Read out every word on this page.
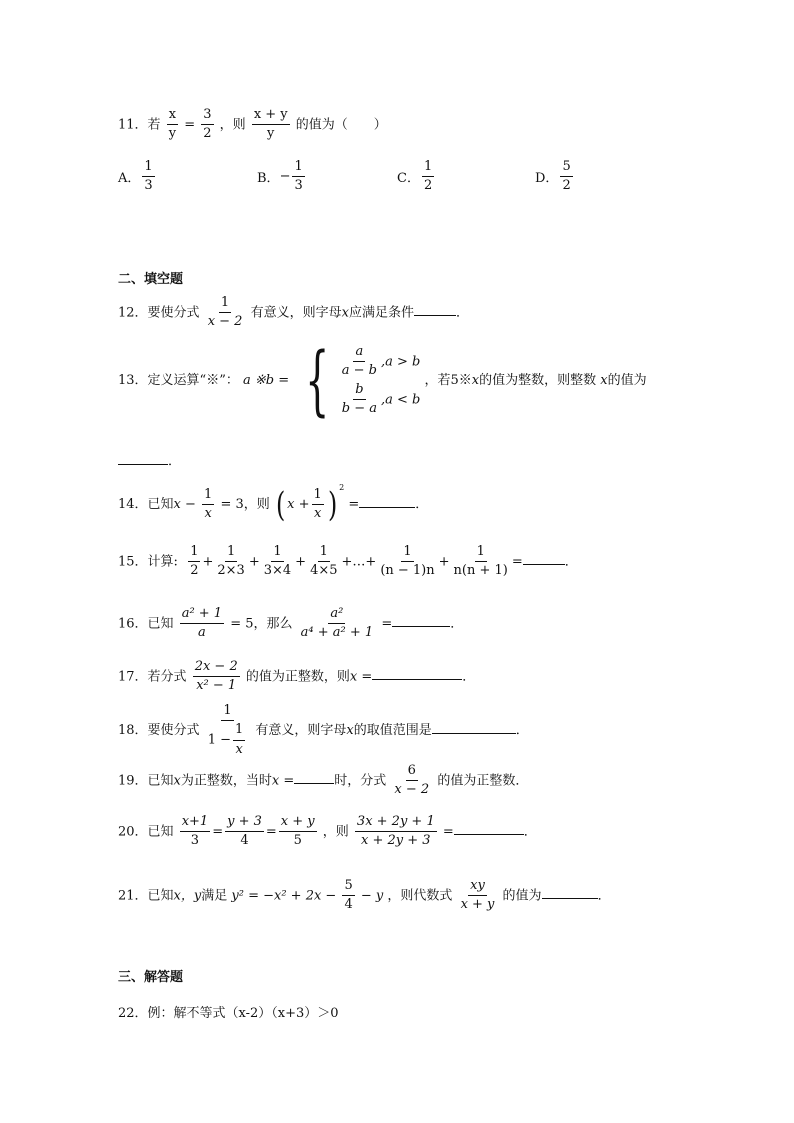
11．若 $\frac{x}{y} = \frac{3}{2}$ ，则 $\frac{x + y}{y}$ 的值为（　　）
A． $\frac{1}{3}$	B． − $\frac{1}{3}$	C． $\frac{1}{2}$	D． $\frac{5}{2}$
二、填空题
12．要使分式 $\frac{1}{x - 2}$ 有意义，则字母x应满足条件	．
13．定义运算“※”： a ※b = { $\frac{a}{a - b} ,a > b$
$\frac{b}{b - a} ,a < b$
，若5※x的值为整数，则整数 x的值为
．
14．已知$x - \frac{1}{x} = 3$，则 ( $x + \frac{1}{x}$ ) $^2$ =	．
15．计算: $\frac{1}{2} + \frac{1}{2\times 3} + \frac{1}{3\times 4} + \frac{1}{4\times 5}$ +…+ $\frac{1}{(n - 1)n} + \frac{1}{n(n + 1)}$ =	．
16．已知 $\frac{\text{a² + 1}}{a} = 5$，那么 $\frac{\text{a²}}{\text{a⁴ + a² + 1}}$ =	．
17．若分式 $\frac{2x - 2}{\text{x² − 1}}$ 的值为正整数，则x =	．
18．要使分式 $\frac{1}{1 - \frac{1}{x}}$ 有意义，则字母x的取值范围是	．
19．已知x为正整数，当时x =	时，分式 $\frac{6}{x - 2}$ 的值为正整数．
20．已知 $\frac{x+1}{3} = \frac{y + 3}{4} = \frac{x + y}{5}$ ，则 $\frac{3x + 2y + 1}{x + 2y + 3}$ =	．
21．已知x，y满足 $y^2 = -x^2 + 2x - \frac{5}{4} - y$ ，则代数式 $\frac{xy}{x + y}$ 的值为	．
三、解答题
22．例：解不等式（x-2）（x+3）＞0
